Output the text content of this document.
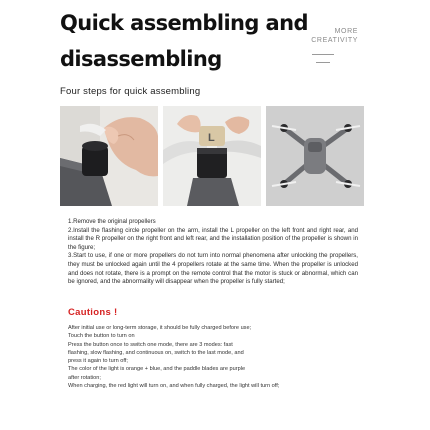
Quick assembling and
disassembling
MORE
CREATIVITY
Four steps for quick assembling
L

1.Remove the original propellers

2.Install the flashing circle propeller on the arm, install the L propeller on the left front and right rear, and install the R propeller on the right front and left rear, and the installation position of the propeller is shown in the figure;

3.Start to use, if one or more propellers do not turn into normal phenomena after unlocking the propellers, they must be unlocked again until the 4 propellers rotate at the same time. When the propeller is unlocked and does not rotate, there is a prompt on the remote control that the motor is stuck or abnormal, which can be ignored, and the abnormality will disappear when the propeller is fully started;

Cautions !

After initial use or long-term storage, it should be fully charged before use;

Touch the button to turn on

Press the button once to switch one mode, there are 3 modes: fast

flashing, slow flashing, and continuous on, switch to the last mode, and

press it again to turn off;

The color of the light is orange + blue, and the paddle blades are purple

after rotation;

When charging, the red light will turn on, and when fully charged, the light will turn off;
